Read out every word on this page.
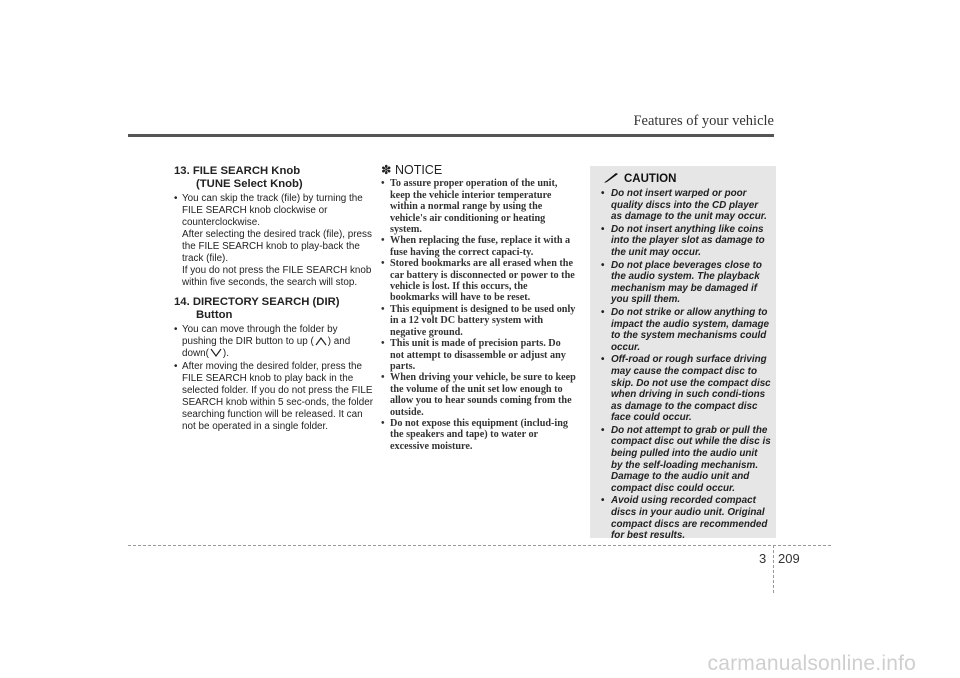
Features of your vehicle
13. FILE SEARCH Knob
(TUNE Select Knob)
• You can skip the track (file) by turning the FILE SEARCH knob clockwise or counterclockwise.
After selecting the desired track (file), press the FILE SEARCH knob to play-back the track (file).
If you do not press the FILE SEARCH knob within five seconds, the search will stop.
14. DIRECTORY SEARCH (DIR)
Button
• You can move through the folder by pushing the DIR button to up ( ) and down( ).
• After moving the desired folder, press the FILE SEARCH knob to play back in the selected folder. If you do not press the FILE SEARCH knob within 5 sec-onds, the folder searching function will be released. It can not be operated in a single folder.
✽ NOTICE
• To assure proper operation of the unit, keep the vehicle interior temperature within a normal range by using the vehicle's air conditioning or heating system.
• When replacing the fuse, replace it with a fuse having the correct capaci-ty.
• Stored bookmarks are all erased when the car battery is disconnected or power to the vehicle is lost. If this occurs, the bookmarks will have to be reset.
• This equipment is designed to be used only in a 12 volt DC battery system with negative ground.
• This unit is made of precision parts. Do not attempt to disassemble or adjust any parts.
• When driving your vehicle, be sure to keep the volume of the unit set low enough to allow you to hear sounds coming from the outside.
• Do not expose this equipment (includ-ing the speakers and tape) to water or excessive moisture.
CAUTION
• Do not insert warped or poor quality discs into the CD player as damage to the unit may occur.
• Do not insert anything like coins into the player slot as damage to the unit may occur.
• Do not place beverages close to the audio system. The playback mechanism may be damaged if you spill them.
• Do not strike or allow anything to impact the audio system, damage to the system mechanisms could occur.
• Off-road or rough surface driving may cause the compact disc to skip. Do not use the compact disc when driving in such condi-tions as damage to the compact disc face could occur.
• Do not attempt to grab or pull the compact disc out while the disc is being pulled into the audio unit by the self-loading mechanism. Damage to the audio unit and compact disc could occur.
• Avoid using recorded compact discs in your audio unit. Original compact discs are recommended for best results.
3 209
carmanualsonline.info
